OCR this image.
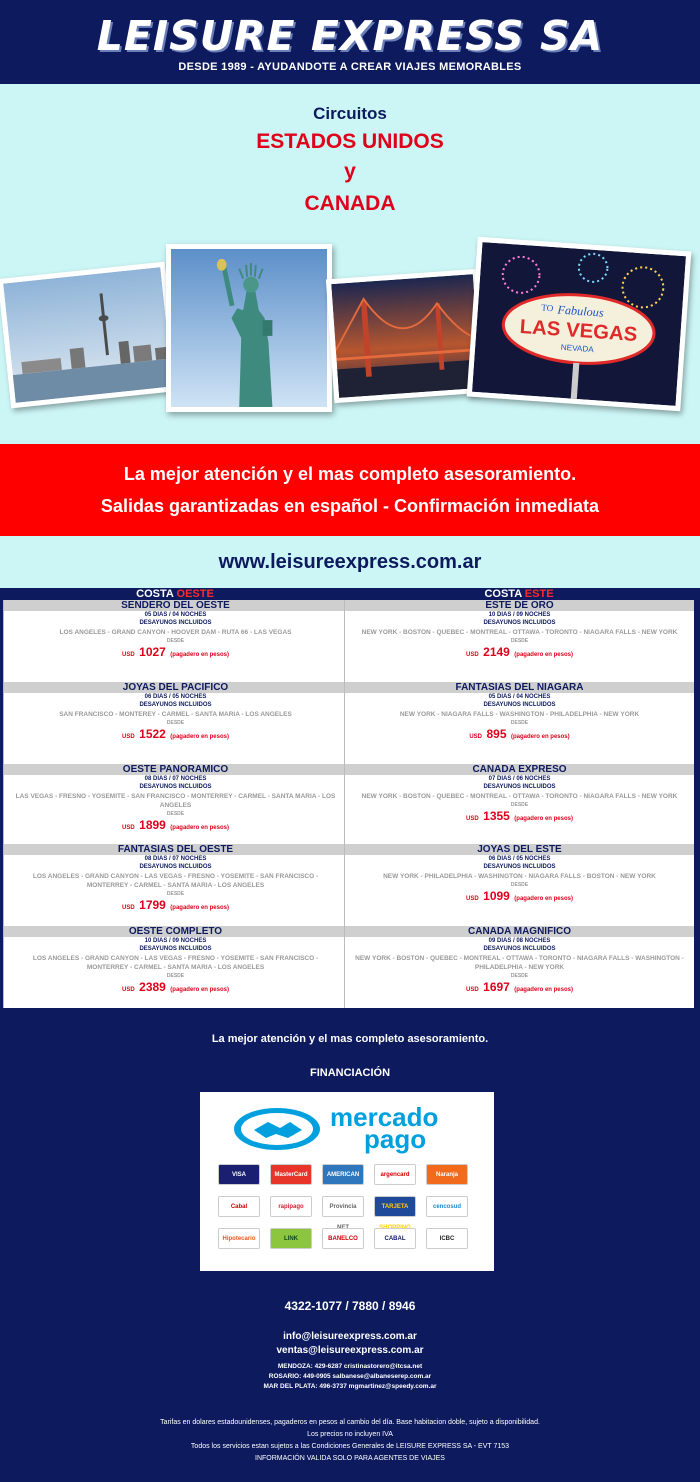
LEISURE EXPRESS SA
DESDE 1989 - AYUDANDOTE A CREAR VIAJES MEMORABLES
Circuitos
ESTADOS UNIDOS
y
CANADA
TO Fabulous
LAS VEGAS
NEVADA
La mejor atención y el mas completo asesoramiento.
Salidas garantizadas en español - Confirmación inmediata
www.leisureexpress.com.ar
COSTA OESTE
SENDERO DEL OESTE
05 DIAS / 04 NOCHES
DESAYUNOS INCLUIDOS
LOS ANGELES - GRAND CANYON - HOOVER DAM - RUTA 66 - LAS VEGAS
DESDE
USD 1027 (pagadero en pesos)
JOYAS DEL PACIFICO
06 DIAS / 05 NOCHES
DESAYUNOS INCLUIDOS
SAN FRANCISCO - MONTEREY - CARMEL - SANTA MARIA - LOS ANGELES
DESDE
USD 1522 (pagadero en pesos)
OESTE PANORAMICO
08 DIAS / 07 NOCHES
DESAYUNOS INCLUIDOS
LAS VEGAS - FRESNO - YOSEMITE - SAN FRANCISCO - MONTERREY - CARMEL - SANTA MARIA - LOS ANGELES
DESDE
USD 1899 (pagadero en pesos)
FANTASIAS DEL OESTE
08 DIAS / 07 NOCHES
DESAYUNOS INCLUIDOS
LOS ANGELES - GRAND CANYON - LAS VEGAS - FRESNO - YOSEMITE - SAN FRANCISCO - MONTERREY - CARMEL - SANTA MARIA - LOS ANGELES
DESDE
USD 1799 (pagadero en pesos)
OESTE COMPLETO
10 DIAS / 09 NOCHES
DESAYUNOS INCLUIDOS
LOS ANGELES - GRAND CANYON - LAS VEGAS - FRESNO - YOSEMITE - SAN FRANCISCO - MONTERREY - CARMEL - SANTA MARIA - LOS ANGELES
DESDE
USD 2389 (pagadero en pesos)
COSTA ESTE
ESTE DE ORO
10 DIAS / 09 NOCHES
DESAYUNOS INCLUIDOS
NEW YORK - BOSTON - QUEBEC - MONTREAL - OTTAWA - TORONTO - NIAGARA FALLS - NEW YORK
DESDE
USD 2149 (pagadero en pesos)
FANTASIAS DEL NIAGARA
05 DIAS / 04 NOCHES
DESAYUNOS INCLUIDOS
NEW YORK - NIAGARA FALLS - WASHINGTON - PHILADELPHIA - NEW YORK
DESDE
USD 895 (pagadero en pesos)
CANADA EXPRESO
07 DIAS / 06 NOCHES
DESAYUNOS INCLUIDOS
NEW YORK - BOSTON - QUEBEC - MONTREAL - OTTAWA - TORONTO - NIAGARA FALLS - NEW YORK
DESDE
USD 1355 (pagadero en pesos)
JOYAS DEL ESTE
06 DIAS / 05 NOCHES
DESAYUNOS INCLUIDOS
NEW YORK - PHILADELPHIA - WASHINGTON - NIAGARA FALLS - BOSTON - NEW YORK
DESDE
USD 1099 (pagadero en pesos)
CANADA MAGNIFICO
09 DIAS / 08 NOCHES
DESAYUNOS INCLUIDOS
NEW YORK - BOSTON - QUEBEC - MONTREAL - OTTAWA - TORONTO - NIAGARA FALLS - WASHINGTON - PHILADELPHIA - NEW YORK
DESDE
USD 1697 (pagadero en pesos)
La mejor atención y el mas completo asesoramiento.
FINANCIACIÓN
mercado
pago
VISA	MasterCard	AMERICAN	argencard	Naranja
Cabal	rapipago	Provincia	TARJETA	cencosud
Hipotecario	LINK	BANELCO	CABAL	ICBC
4322-1077 / 7880 / 8946
info@leisureexpress.com.ar
ventas@leisureexpress.com.ar
MENDOZA: 429-6287 cristinastorero@itcsa.net
ROSARIO: 449-0905 salbanese@albaneserep.com.ar
MAR DEL PLATA: 496-3737 mgmartinez@speedy.com.ar
Tarifas en dolares estadounidenses, pagaderos en pesos al cambio del día. Base habitacion doble, sujeto a disponibilidad.
Los precios no incluyen IVA
Todos los servicios estan sujetos a las Condiciones Generales de LEISURE EXPRESS SA - EVT 7153
INFORMACIÓN VALIDA SOLO PARA AGENTES DE VIAJES
